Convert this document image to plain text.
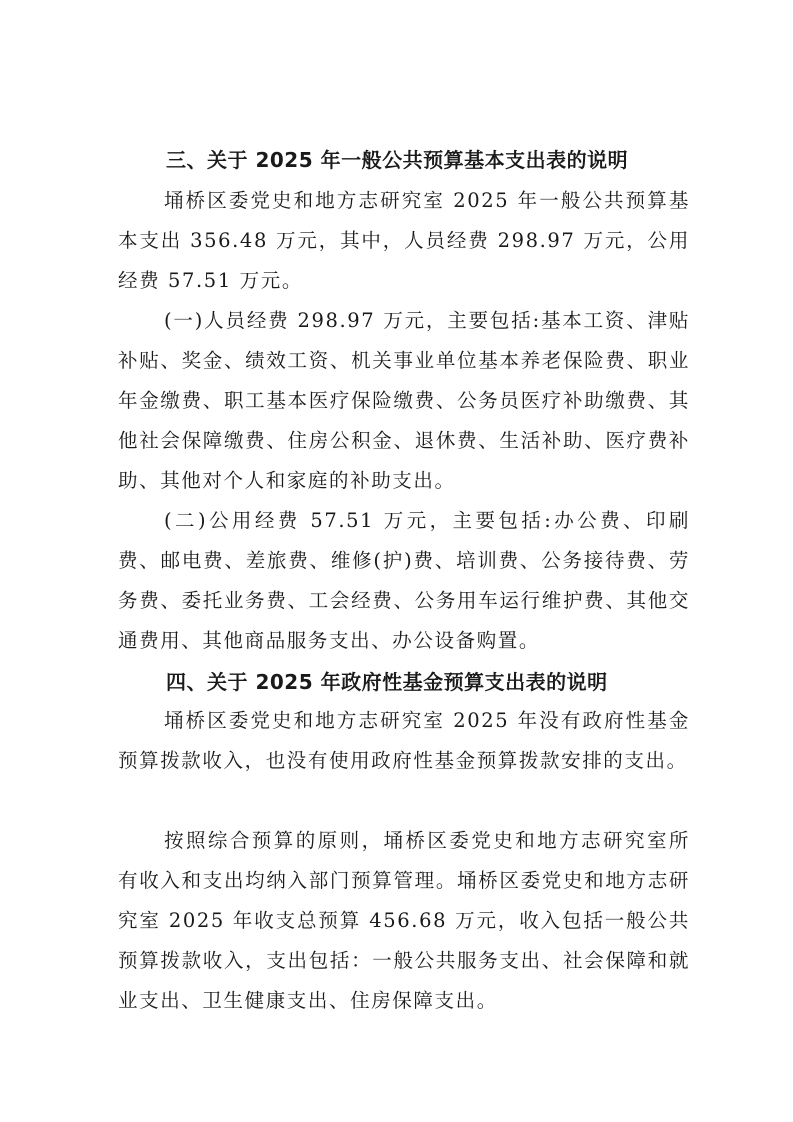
三、关于 2025 年一般公共预算基本支出表的说明

埇桥区委党史和地方志研究室 2025 年一般公共预算基本支出 356.48 万元，其中，人员经费 298.97 万元，公用经费 57.51 万元。

(一)人员经费 298.97 万元，主要包括:基本工资、津贴补贴、奖金、绩效工资、机关事业单位基本养老保险费、职业年金缴费、职工基本医疗保险缴费、公务员医疗补助缴费、其他社会保障缴费、住房公积金、退休费、生活补助、医疗费补助、其他对个人和家庭的补助支出。

(二)公用经费 57.51 万元，主要包括:办公费、印刷费、邮电费、差旅费、维修(护)费、培训费、公务接待费、劳务费、委托业务费、工会经费、公务用车运行维护费、其他交通费用、其他商品服务支出、办公设备购置。

四、关于 2025 年政府性基金预算支出表的说明

埇桥区委党史和地方志研究室 2025 年没有政府性基金预算拨款收入，也没有使用政府性基金预算拨款安排的支出。

按照综合预算的原则，埇桥区委党史和地方志研究室所有收入和支出均纳入部门预算管理。埇桥区委党史和地方志研究室 2025 年收支总预算 456.68 万元，收入包括一般公共预算拨款收入，支出包括：一般公共服务支出、社会保障和就业支出、卫生健康支出、住房保障支出。
